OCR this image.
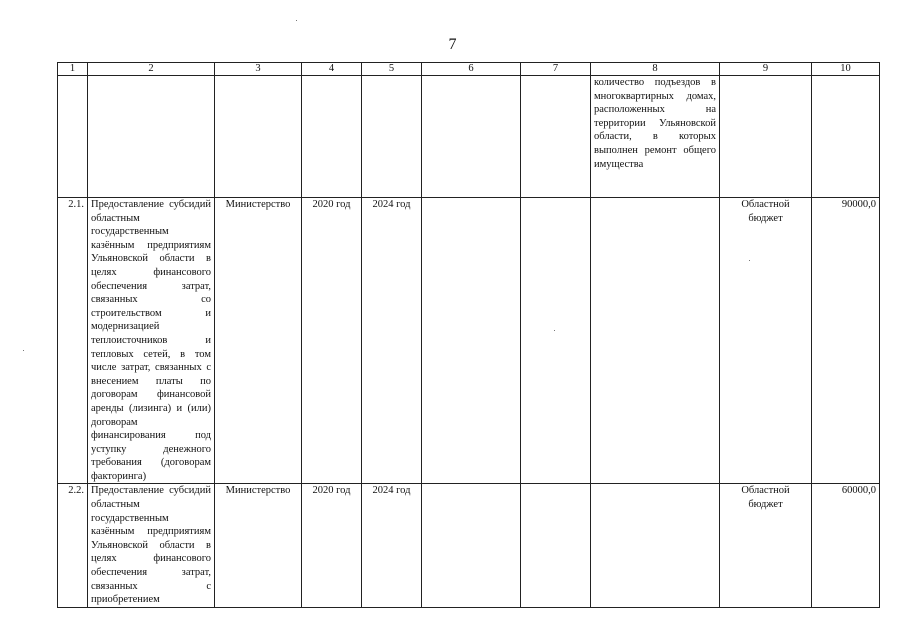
7
1	2	3	4	5	6	7	8	9	10
							количество подъездов в многоквартирных домах, расположенных на территории Ульяновской области, в которых выполнен ремонт общего имущества		
2.1.	Предоставление субсидий областным государственным казённым предприятиям Ульяновской области в целях финансового обеспечения затрат, связанных со строительством и модернизацией теплоисточников и тепловых сетей, в том числе затрат, связанных с внесением платы по договорам финансовой аренды (лизинга) и (или) договорам финансирования под уступку денежного требования (договорам факторинга)	Министерство	2020 год	2024 год				Областной бюджет	90000,0
2.2.	Предоставление субсидий областным государственным казённым предприятиям Ульяновской области в целях финансового обеспечения затрат, связанных с приобретением	Министерство	2020 год	2024 год				Областной бюджет	60000,0
